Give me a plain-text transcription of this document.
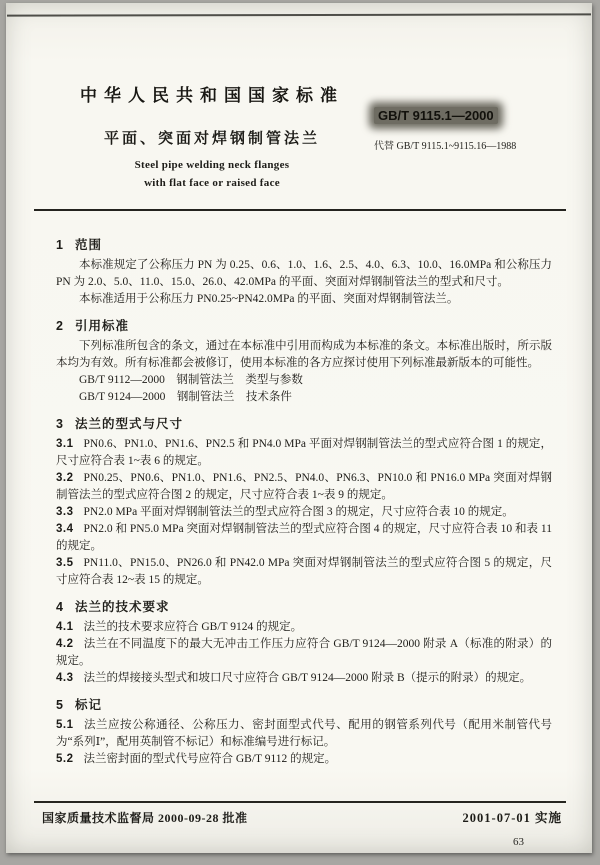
中华人民共和国国家标准
平面、突面对焊钢制管法兰
Steel pipe welding neck flanges
with flat face or raised face
GB/T 9115.1—2000
代替 GB/T 9115.1~9115.16—1988
1 范围

本标准规定了公称压力 PN 为 0.25、0.6、1.0、1.6、2.5、4.0、6.3、10.0、16.0MPa 和公称压力 PN 为 2.0、5.0、11.0、15.0、26.0、42.0MPa 的平面、突面对焊钢制管法兰的型式和尺寸。

本标准适用于公称压力 PN0.25~PN42.0MPa 的平面、突面对焊钢制管法兰。

2 引用标准

下列标准所包含的条文，通过在本标准中引用而构成为本标准的条文。本标准出版时，所示版本均为有效。所有标准都会被修订，使用本标准的各方应探讨使用下列标准最新版本的可能性。

GB/T 9112—2000　钢制管法兰　类型与参数

GB/T 9124—2000　钢制管法兰　技术条件

3 法兰的型式与尺寸

3.1 PN0.6、PN1.0、PN1.6、PN2.5 和 PN4.0 MPa 平面对焊钢制管法兰的型式应符合图 1 的规定，尺寸应符合表 1~表 6 的规定。

3.2 PN0.25、PN0.6、PN1.0、PN1.6、PN2.5、PN4.0、PN6.3、PN10.0 和 PN16.0 MPa 突面对焊钢制管法兰的型式应符合图 2 的规定，尺寸应符合表 1~表 9 的规定。

3.3 PN2.0 MPa 平面对焊钢制管法兰的型式应符合图 3 的规定，尺寸应符合表 10 的规定。

3.4 PN2.0 和 PN5.0 MPa 突面对焊钢制管法兰的型式应符合图 4 的规定，尺寸应符合表 10 和表 11 的规定。

3.5 PN11.0、PN15.0、PN26.0 和 PN42.0 MPa 突面对焊钢制管法兰的型式应符合图 5 的规定，尺寸应符合表 12~表 15 的规定。

4 法兰的技术要求

4.1 法兰的技术要求应符合 GB/T 9124 的规定。

4.2 法兰在不同温度下的最大无冲击工作压力应符合 GB/T 9124—2000 附录 A（标准的附录）的规定。

4.3 法兰的焊接接头型式和坡口尺寸应符合 GB/T 9124—2000 附录 B（提示的附录）的规定。

5 标记

5.1 法兰应按公称通径、公称压力、密封面型式代号、配用的钢管系列代号（配用米制管代号为“系列Ⅰ”，配用英制管不标记）和标准编号进行标记。

5.2 法兰密封面的型式代号应符合 GB/T 9112 的规定。

国家质量技术监督局 2000-09-28 批准	2001-07-01 实施
63
